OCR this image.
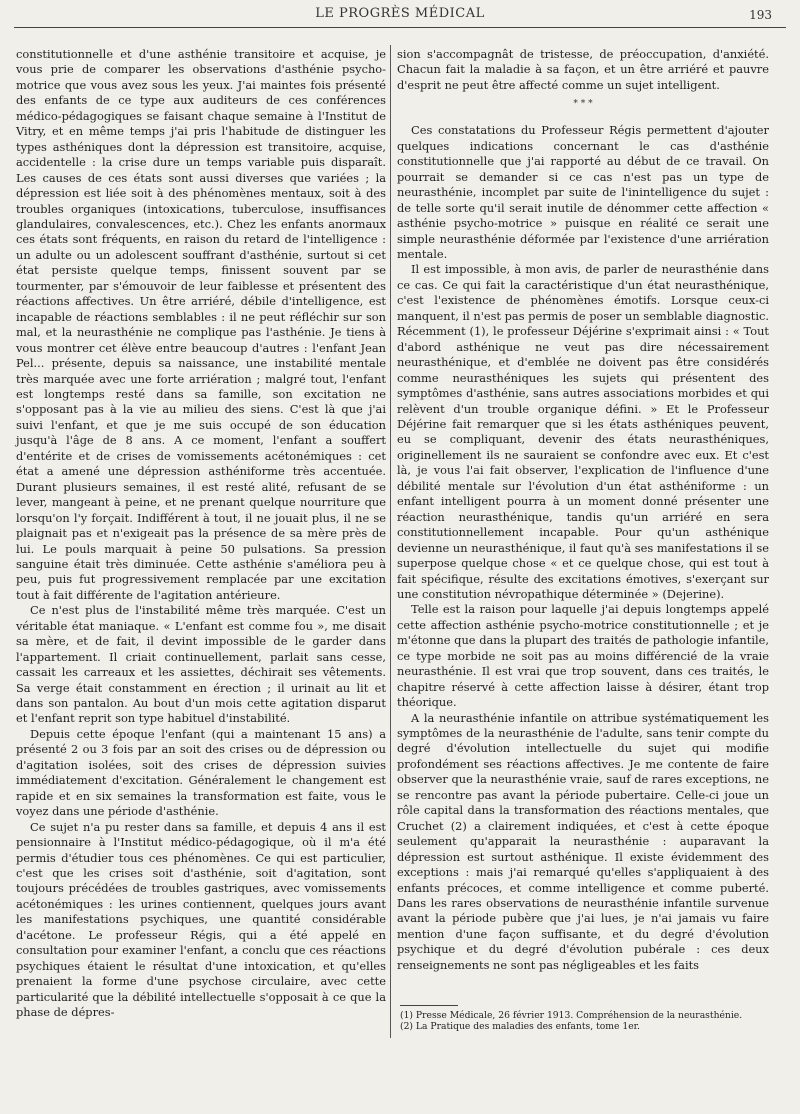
LE PROGRÈS MÉDICAL	193

constitutionnelle et d'une asthénie transitoire et acquise, je vous prie de comparer les observations d'asthénie psycho-motrice que vous avez sous les yeux. J'ai maintes fois présenté des enfants de ce type aux auditeurs de ces conférences médico-pédagogiques se faisant chaque semaine à l'Institut de Vitry, et en même temps j'ai pris l'habitude de distinguer les types asthéniques dont la dépression est transitoire, acquise, accidentelle : la crise dure un temps variable puis disparaît. Les causes de ces états sont aussi diverses que variées ; la dépression est liée soit à des phénomènes mentaux, soit à des troubles organiques (intoxications, tuberculose, insuffisances glandulaires, convalescences, etc.). Chez les enfants anormaux ces états sont fréquents, en raison du retard de l'intelligence : un adulte ou un adolescent souffrant d'asthénie, surtout si cet état persiste quelque temps, finissent souvent par se tourmenter, par s'émouvoir de leur faiblesse et présentent des réactions affectives. Un être arriéré, débile d'intelligence, est incapable de réactions semblables : il ne peut réfléchir sur son mal, et la neurasthénie ne complique pas l'asthénie. Je tiens à vous montrer cet élève entre beaucoup d'autres : l'enfant Jean Pel... présente, depuis sa naissance, une instabilité mentale très marquée avec une forte arriération ; malgré tout, l'enfant est longtemps resté dans sa famille, son excitation ne s'opposant pas à la vie au milieu des siens. C'est là que j'ai suivi l'enfant, et que je me suis occupé de son éducation jusqu'à l'âge de 8 ans. A ce moment, l'enfant a souffert d'entérite et de crises de vomissements acétonémiques : cet état a amené une dépression asthéniforme très accentuée. Durant plusieurs semaines, il est resté alité, refusant de se lever, mangeant à peine, et ne prenant quelque nourriture que lorsqu'on l'y forçait. Indifférent à tout, il ne jouait plus, il ne se plaignait pas et n'exigeait pas la présence de sa mère près de lui. Le pouls marquait à peine 50 pulsations. Sa pression sanguine était très diminuée. Cette asthénie s'améliora peu à peu, puis fut progressivement remplacée par une excitation tout à fait différente de l'agitation antérieure.

Ce n'est plus de l'instabilité même très marquée. C'est un véritable état maniaque. « L'enfant est comme fou », me disait sa mère, et de fait, il devint impossible de le garder dans l'appartement. Il criait continuellement, parlait sans cesse, cassait les carreaux et les assiettes, déchirait ses vêtements. Sa verge était constamment en érection ; il urinait au lit et dans son pantalon. Au bout d'un mois cette agitation disparut et l'enfant reprit son type habituel d'instabilité.

Depuis cette époque l'enfant (qui a maintenant 15 ans) a présenté 2 ou 3 fois par an soit des crises ou de dépression ou d'agitation isolées, soit des crises de dépression suivies immédiatement d'excitation. Généralement le changement est rapide et en six semaines la transformation est faite, vous le voyez dans une période d'asthénie.

Ce sujet n'a pu rester dans sa famille, et depuis 4 ans il est pensionnaire à l'Institut médico-pédagogique, où il m'a été permis d'étudier tous ces phénomènes. Ce qui est particulier, c'est que les crises soit d'asthénie, soit d'agitation, sont toujours précédées de troubles gastriques, avec vomissements acétonémiques : les urines contiennent, quelques jours avant les manifestations psychiques, une quantité considérable d'acétone. Le professeur Régis, qui a été appelé en consultation pour examiner l'enfant, a conclu que ces réactions psychiques étaient le résultat d'une intoxication, et qu'elles prenaient la forme d'une psychose circulaire, avec cette particularité que la débilité intellectuelle s'opposait à ce que la phase de dépres-

sion s'accompagnât de tristesse, de préoccupation, d'anxiété. Chacun fait la maladie à sa façon, et un être arriéré et pauvre d'esprit ne peut être affecté comme un sujet intelligent.

* * *

Ces constatations du Professeur Régis permettent d'ajouter quelques indications concernant le cas d'asthénie constitutionnelle que j'ai rapporté au début de ce travail. On pourrait se demander si ce cas n'est pas un type de neurasthénie, incomplet par suite de l'inintelligence du sujet : de telle sorte qu'il serait inutile de dénommer cette affection « asthénie psycho-motrice » puisque en réalité ce serait une simple neurasthénie déformée par l'existence d'une arriération mentale.

Il est impossible, à mon avis, de parler de neurasthénie dans ce cas. Ce qui fait la caractéristique d'un état neurasthénique, c'est l'existence de phénomènes émotifs. Lorsque ceux-ci manquent, il n'est pas permis de poser un semblable diagnostic. Récemment (1), le professeur Déjérine s'exprimait ainsi : « Tout d'abord asthénique ne veut pas dire nécessairement neurasthénique, et d'emblée ne doivent pas être considérés comme neurasthéniques les sujets qui présentent des symptômes d'asthénie, sans autres associations morbides et qui relèvent d'un trouble organique défini. » Et le Professeur Déjérine fait remarquer que si les états asthéniques peuvent, eu se compliquant, devenir des états neurasthéniques, originellement ils ne sauraient se confondre avec eux. Et c'est là, je vous l'ai fait observer, l'explication de l'influence d'une débilité mentale sur l'évolution d'un état asthéniforme : un enfant intelligent pourra à un moment donné présenter une réaction neurasthénique, tandis qu'un arriéré en sera constitutionnellement incapable. Pour qu'un asthénique devienne un neurasthénique, il faut qu'à ses manifestations il se superpose quelque chose « et ce quelque chose, qui est tout à fait spécifique, résulte des excitations émotives, s'exerçant sur une constitution névropathique déterminée » (Dejerine).

Telle est la raison pour laquelle j'ai depuis longtemps appelé cette affection asthénie psycho-motrice constitutionnelle ; et je m'étonne que dans la plupart des traités de pathologie infantile, ce type morbide ne soit pas au moins différencié de la vraie neurasthénie. Il est vrai que trop souvent, dans ces traités, le chapitre réservé à cette affection laisse à désirer, étant trop théorique.

A la neurasthénie infantile on attribue systématiquement les symptômes de la neurasthénie de l'adulte, sans tenir compte du degré d'évolution intellectuelle du sujet qui modifie profondément ses réactions affectives. Je me contente de faire observer que la neurasthénie vraie, sauf de rares exceptions, ne se rencontre pas avant la période pubertaire. Celle-ci joue un rôle capital dans la transformation des réactions mentales, que Cruchet (2) a clairement indiquées, et c'est à cette époque seulement qu'apparait la neurasthénie : auparavant la dépression est surtout asthénique. Il existe évidemment des exceptions : mais j'ai remarqué qu'elles s'appliquaient à des enfants précoces, et comme intelligence et comme puberté. Dans les rares observations de neurasthénie infantile survenue avant la période pubère que j'ai lues, je n'ai jamais vu faire mention d'une façon suffisante, et du degré d'évolution psychique et du degré d'évolution pubérale : ces deux renseignements ne sont pas négligeables et les faits

(1) Presse Médicale, 26 février 1913. Compréhension de la neurasthénie.

(2) La Pratique des maladies des enfants, tome 1er.
